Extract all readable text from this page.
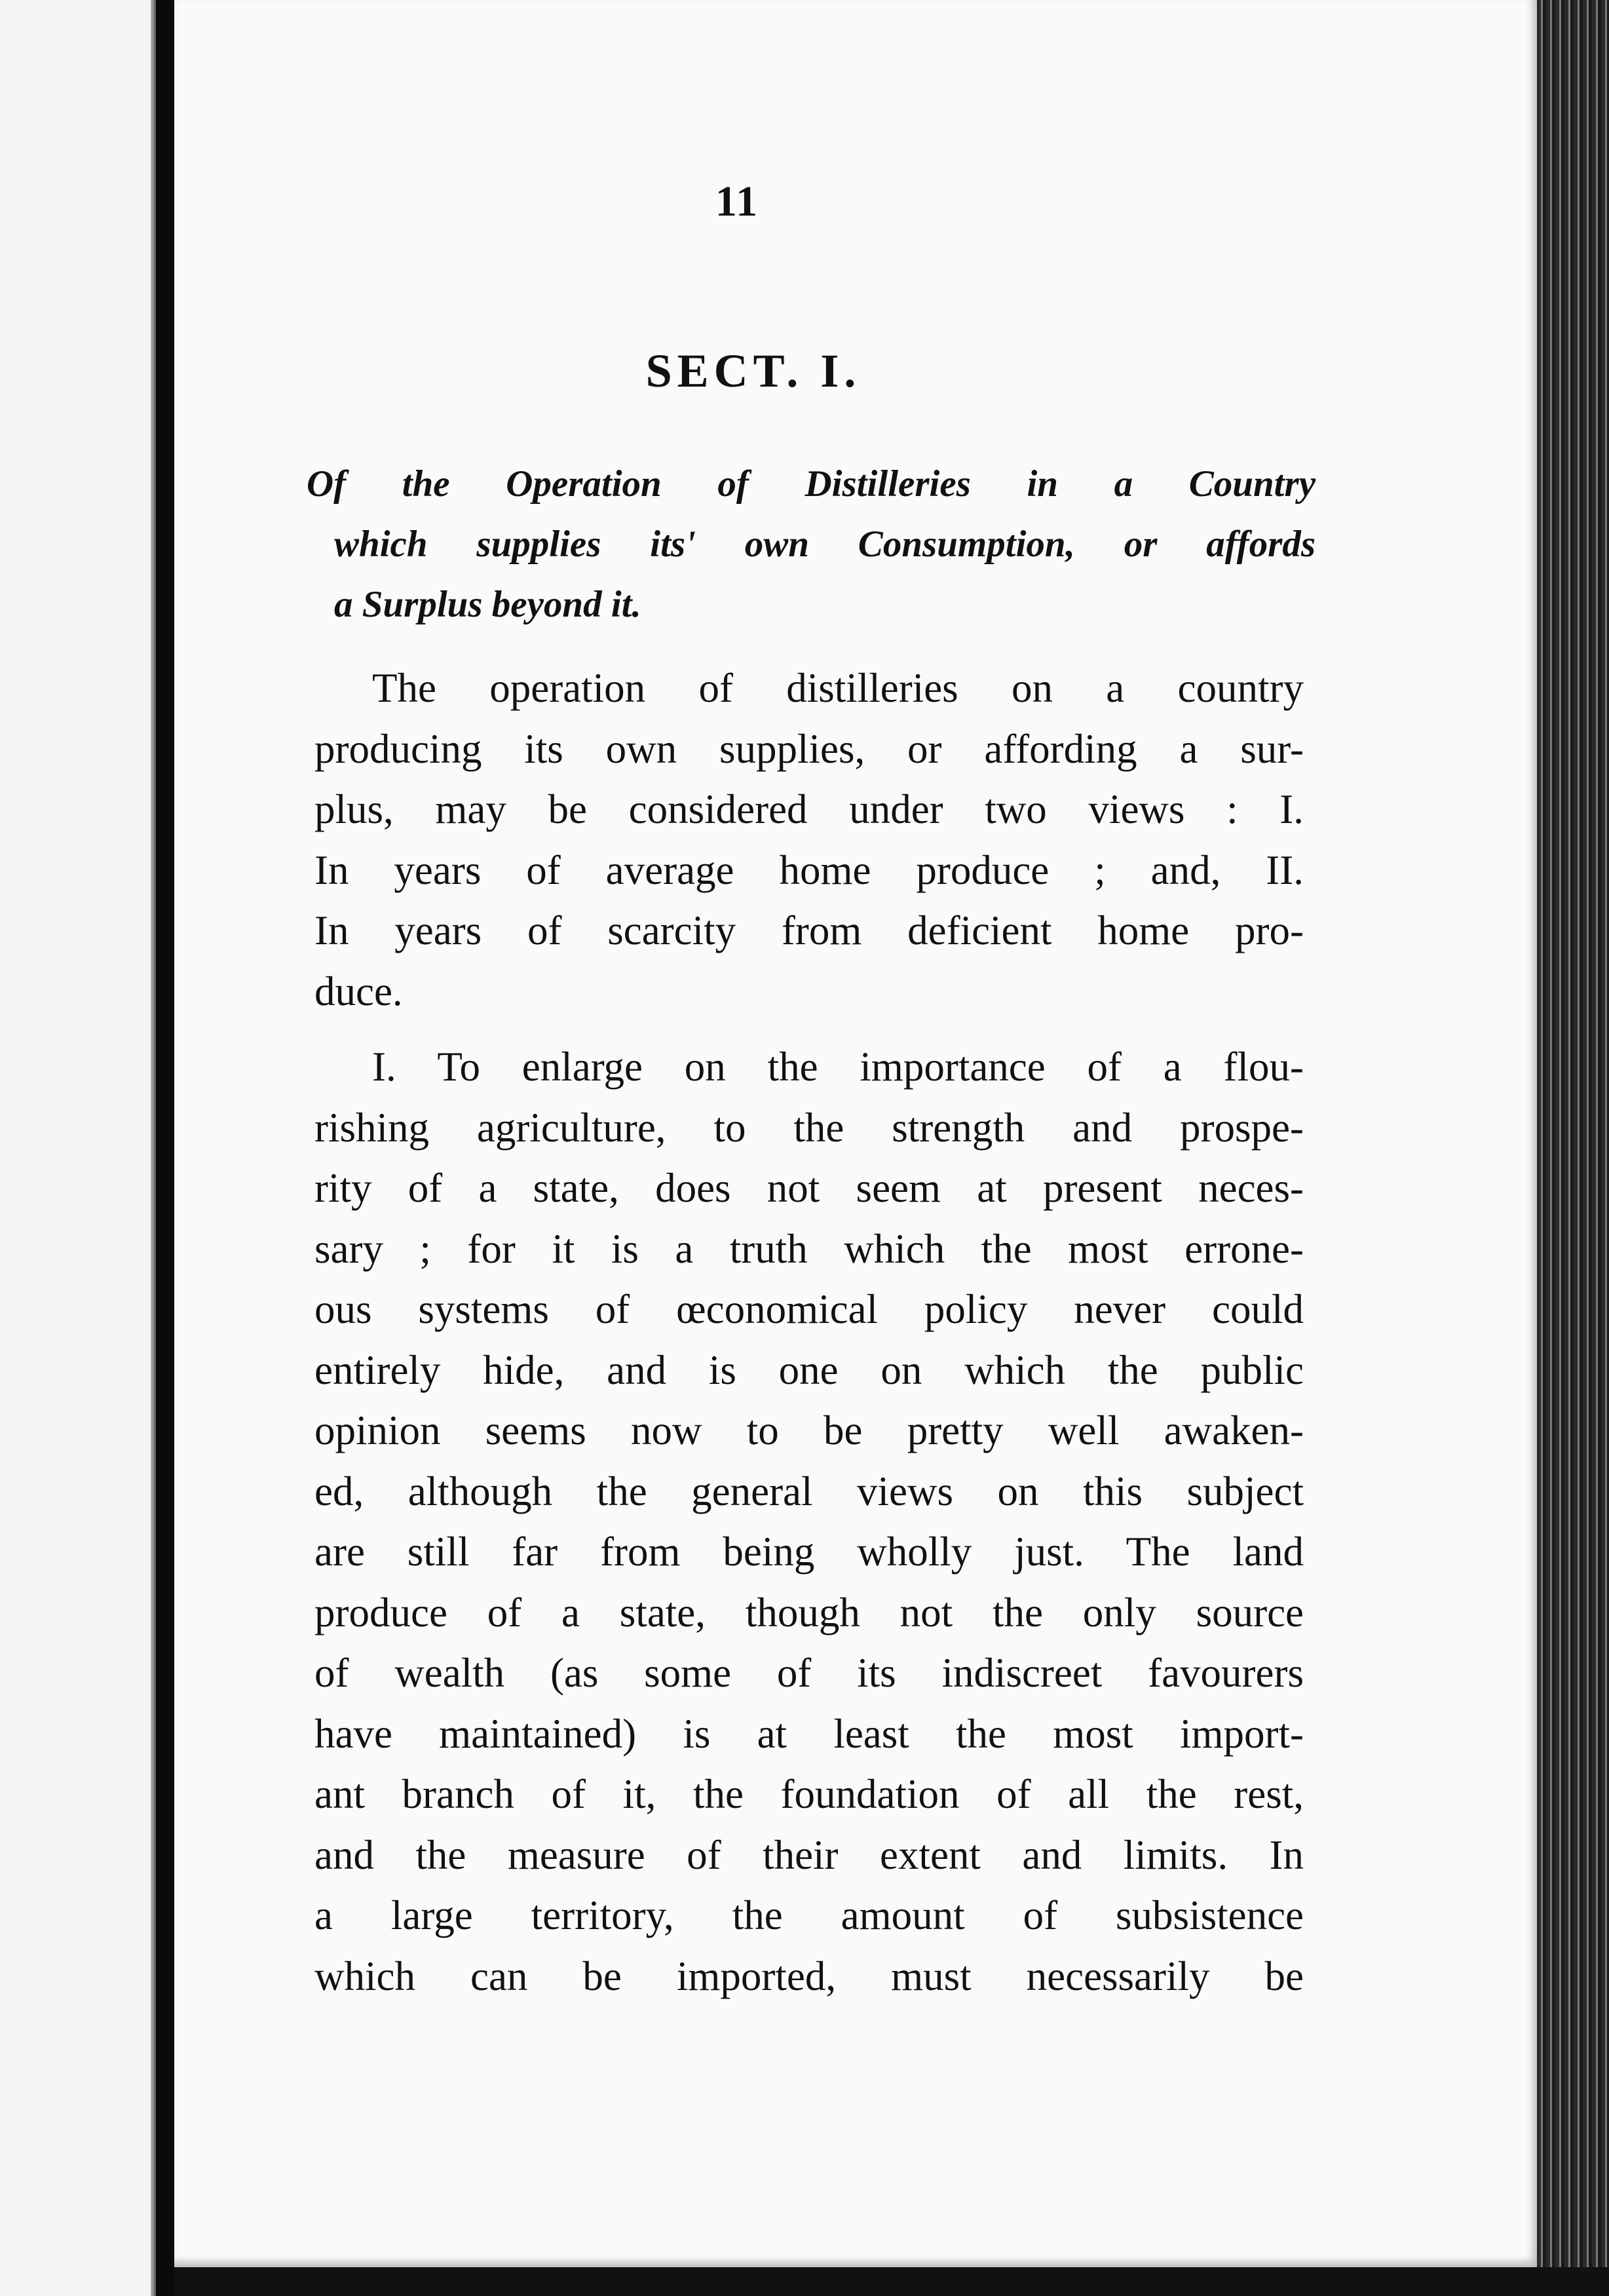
11
SECT. I.
Of the Operation of Distilleries in a Country
which supplies its' own Consumption, or affords
a Surplus beyond it.
The operation of distilleries on a country
producing its own supplies, or affording a sur-
plus, may be considered under two views : I.
In years of average home produce ; and, II.
In years of scarcity from deficient home pro-
duce.
I. To enlarge on the importance of a flou-
rishing agriculture, to the strength and prospe-
rity of a state, does not seem at present neces-
sary ; for it is a truth which the most errone-
ous systems of œconomical policy never could
entirely hide, and is one on which the public
opinion seems now to be pretty well awaken-
ed, although the general views on this subject
are still far from being wholly just. The land
produce of a state, though not the only source
of wealth (as some of its indiscreet favourers
have maintained) is at least the most import-
ant branch of it, the foundation of all the rest,
and the measure of their extent and limits. In
a large territory, the amount of subsistence
which can be imported, must necessarily be
